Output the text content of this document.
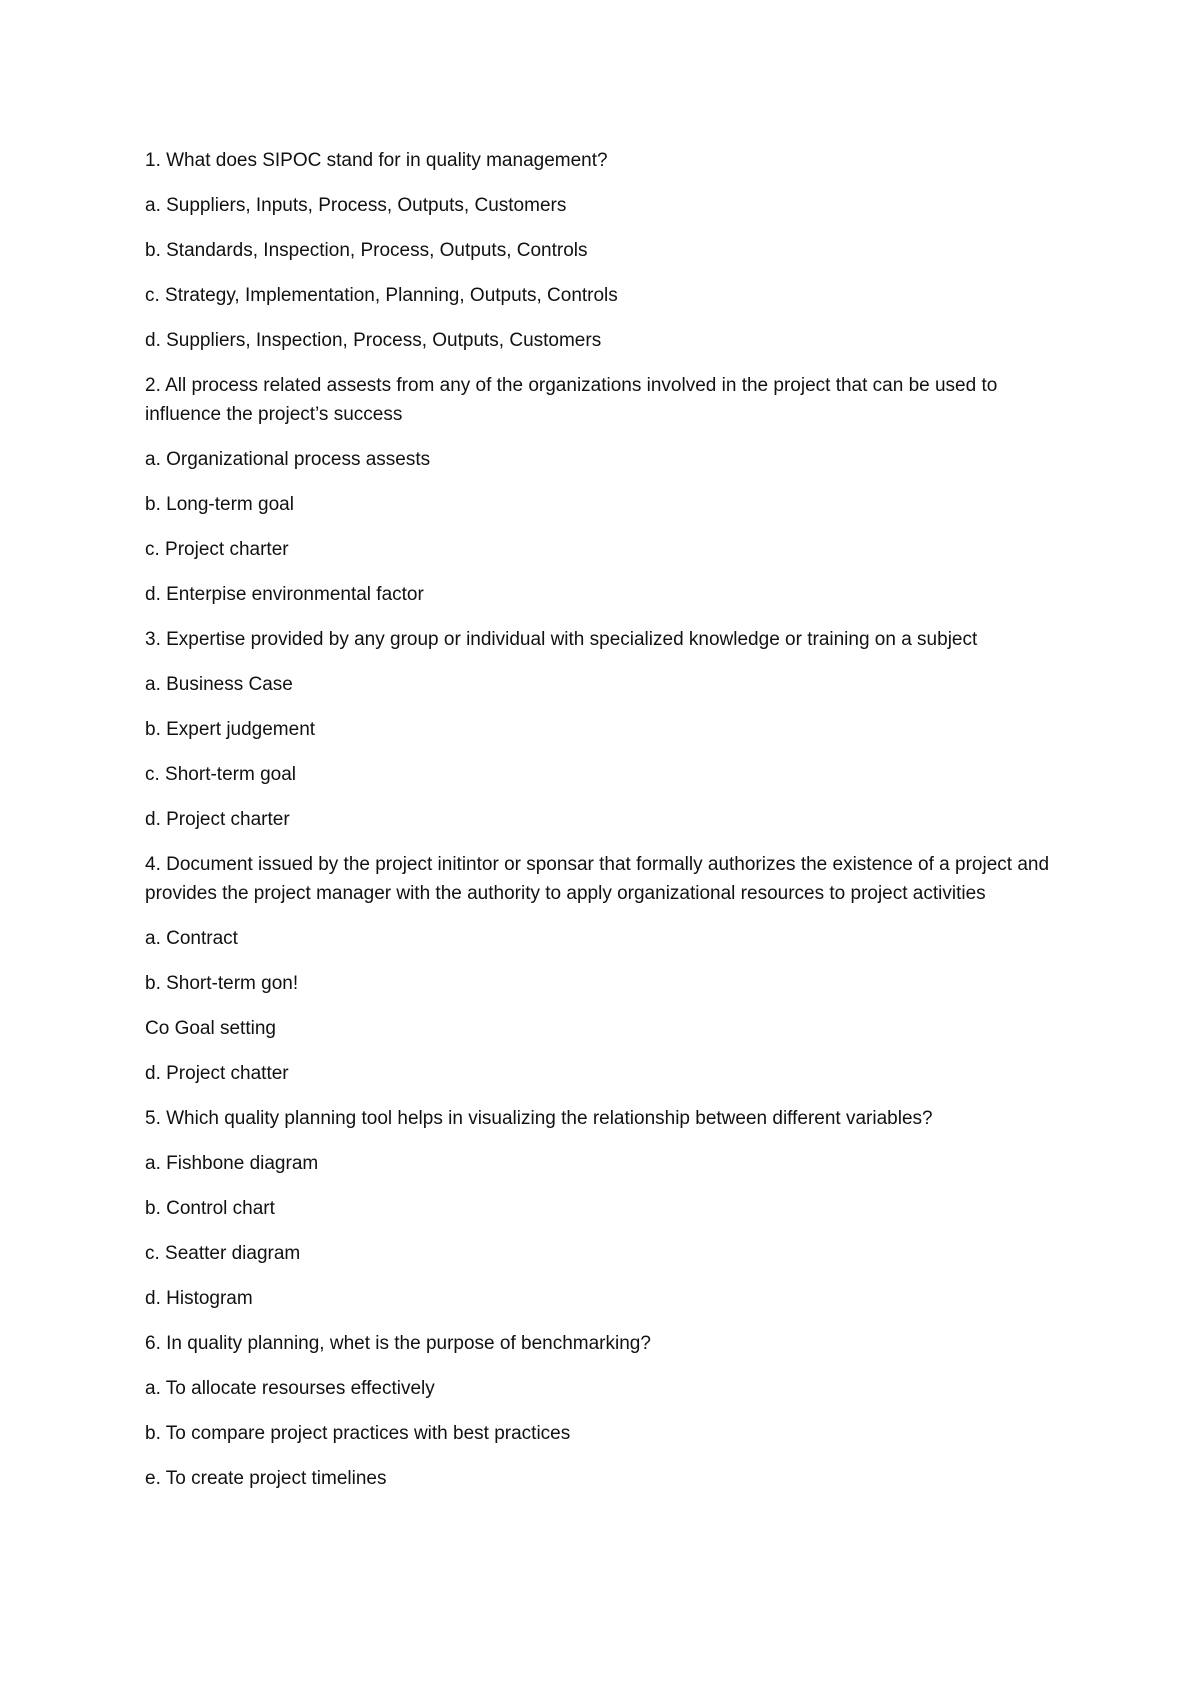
1. What does SIPOC stand for in quality management?

a. Suppliers, Inputs, Process, Outputs, Customers

b. Standards, Inspection, Process, Outputs, Controls

c. Strategy, Implementation, Planning, Outputs, Controls

d. Suppliers, Inspection, Process, Outputs, Customers

2. All process related assests from any of the organizations involved in the project that can be used to influence the project’s success

a. Organizational process assests

b. Long-term goal

c. Project charter

d. Enterpise environmental factor

3. Expertise provided by any group or individual with specialized knowledge or training on a subject

a. Business Case

b. Expert judgement

c. Short-term goal

d. Project charter

4. Document issued by the project initintor or sponsar that formally authorizes the existence of a project and provides the project manager with the authority to apply organizational resources to project activities

a. Contract

b. Short-term gon!

Co Goal setting

d. Project chatter

5. Which quality planning tool helps in visualizing the relationship between different variables?

a. Fishbone diagram

b. Control chart

c. Seatter diagram

d. Histogram

6. In quality planning, whet is the purpose of benchmarking?

a. To allocate resourses effectively

b. To compare project practices with best practices

e. To create project timelines
